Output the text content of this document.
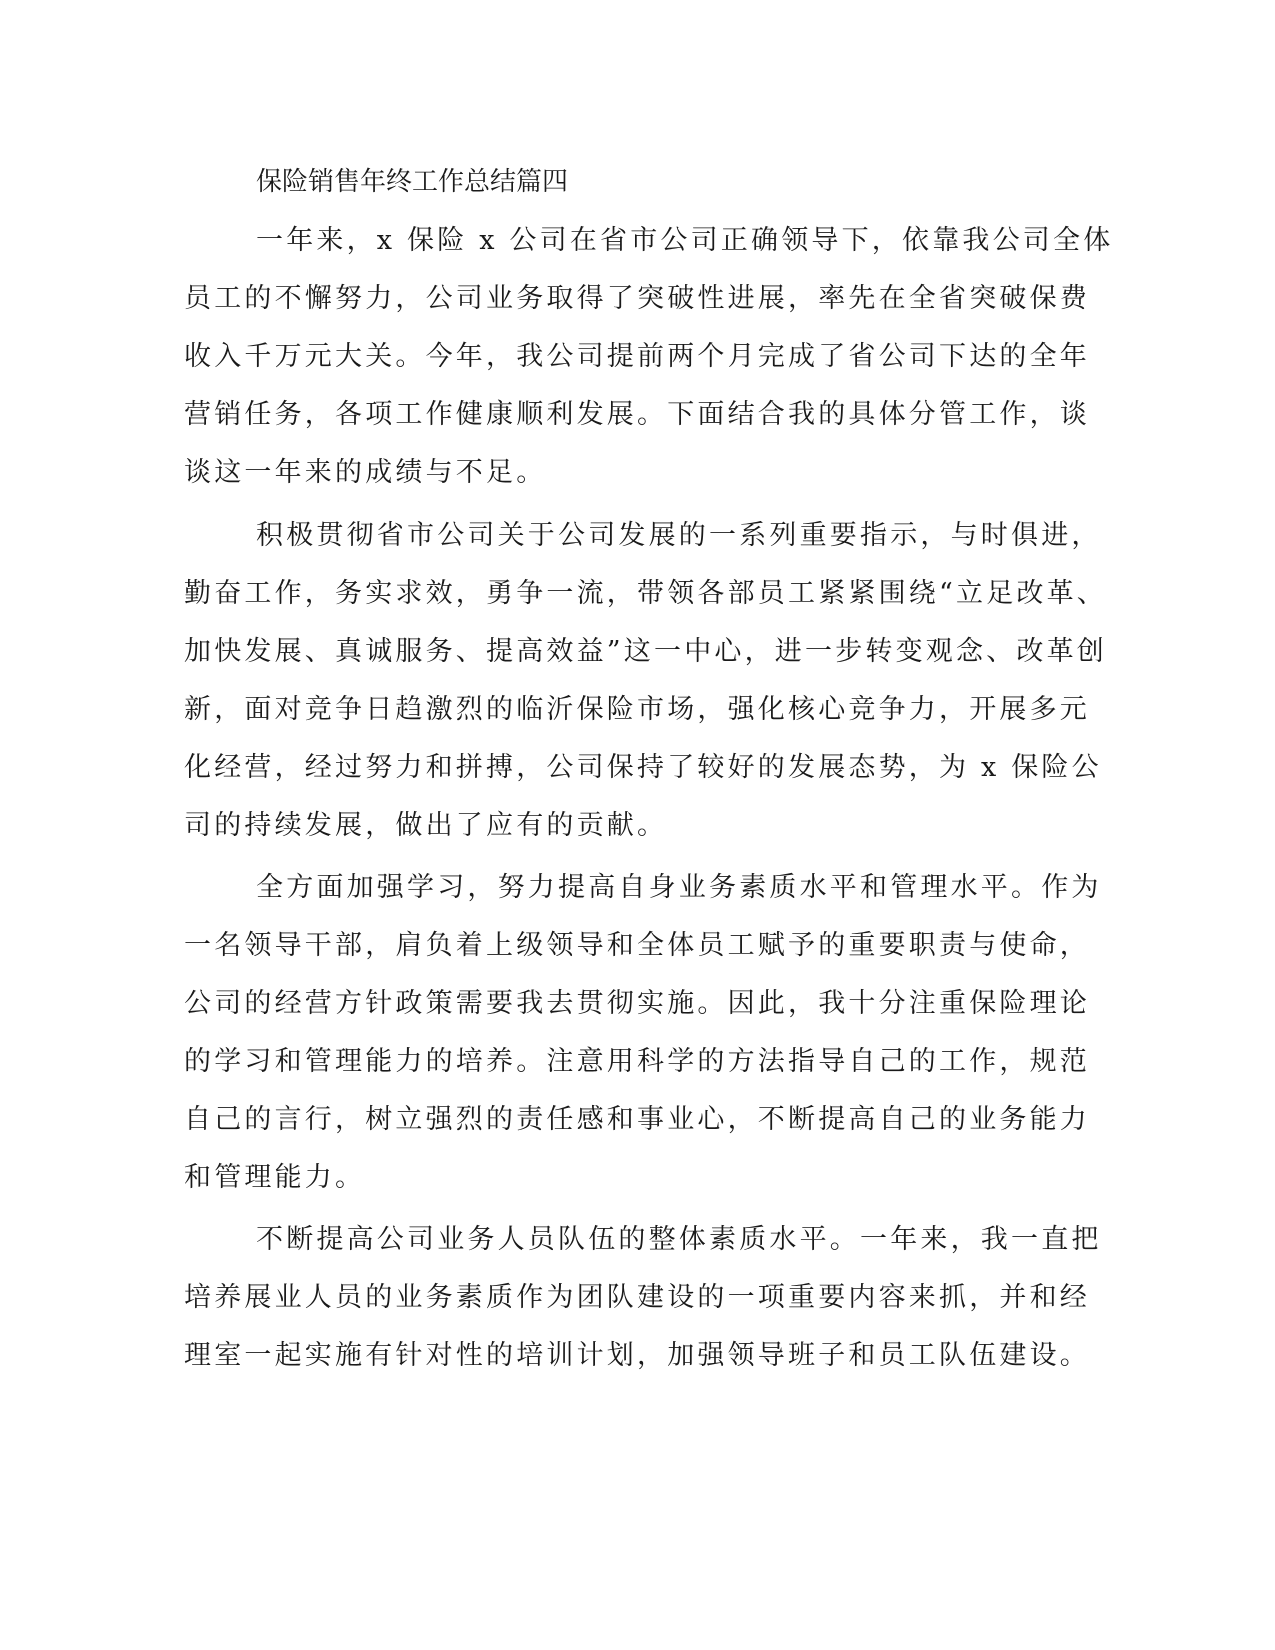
保险销售年终工作总结篇四
一年来，x 保险 x 公司在省市公司正确领导下，依靠我公司全体
员工的不懈努力，公司业务取得了突破性进展，率先在全省突破保费
收入千万元大关。今年，我公司提前两个月完成了省公司下达的全年
营销任务，各项工作健康顺利发展。下面结合我的具体分管工作，谈
谈这一年来的成绩与不足。
积极贯彻省市公司关于公司发展的一系列重要指示，与时俱进，
勤奋工作，务实求效，勇争一流，带领各部员工紧紧围绕“立足改革、
加快发展、真诚服务、提高效益”这一中心，进一步转变观念、改革创
新，面对竞争日趋激烈的临沂保险市场，强化核心竞争力，开展多元
化经营，经过努力和拼搏，公司保持了较好的发展态势，为 x 保险公
司的持续发展，做出了应有的贡献。
全方面加强学习，努力提高自身业务素质水平和管理水平。作为
一名领导干部，肩负着上级领导和全体员工赋予的重要职责与使命，
公司的经营方针政策需要我去贯彻实施。因此，我十分注重保险理论
的学习和管理能力的培养。注意用科学的方法指导自己的工作，规范
自己的言行，树立强烈的责任感和事业心，不断提高自己的业务能力
和管理能力。
不断提高公司业务人员队伍的整体素质水平。一年来，我一直把
培养展业人员的业务素质作为团队建设的一项重要内容来抓，并和经
理室一起实施有针对性的培训计划，加强领导班子和员工队伍建设。
